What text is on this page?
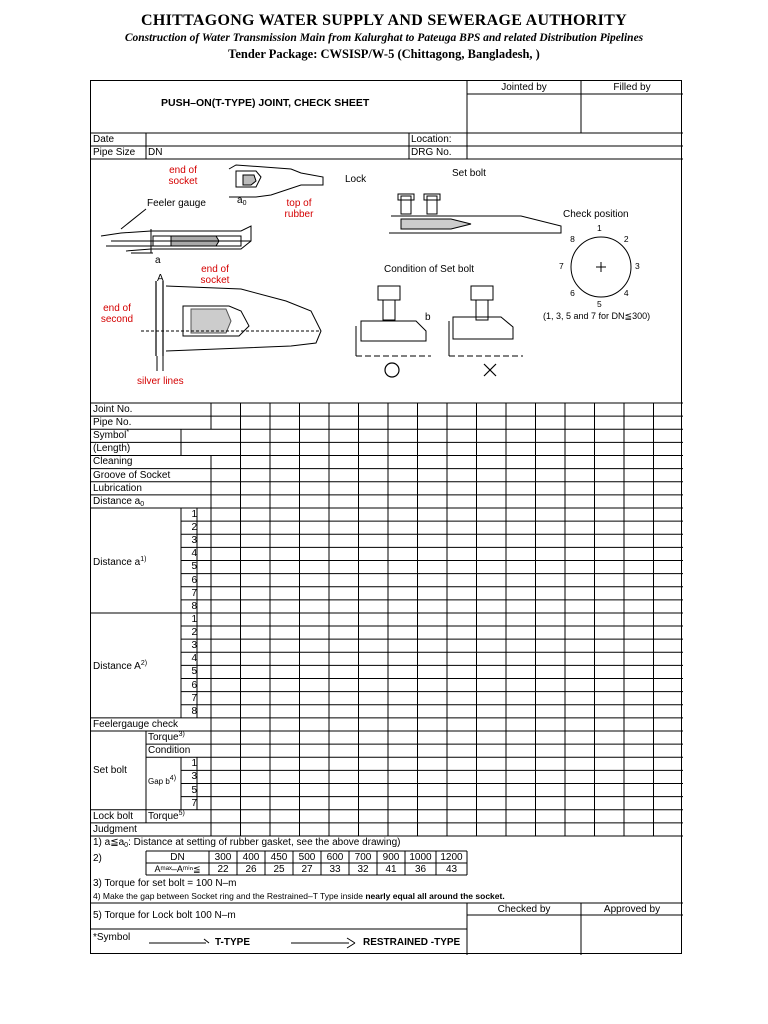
CHITTAGONG WATER SUPPLY AND SEWERAGE AUTHORITY
Construction of Water Transmission Main from Kalurghat to Pateuga BPS and related Distribution Pipelines
Tender Package: CWSISP/W-5 (Chittagong, Bangladesh, )
PUSH–ON(T-TYPE) JOINT, CHECK SHEET
Jointed by	Filled by
Date	Location:
Pipe Size DN	DRG No.
end of socket
Feeler gauge	$a_0$	top of rubber
a
A
end of socket
end of second
silver lines
Lock
Set bolt
Check position
Condition of Set bolt
b	(1, 3, 5 and 7 for DN≦300)
1
2
3
4
5
6
7
8
Joint No.
Pipe No.
Symbol*
(Length)
Cleaning
Groove of Socket
Lubrication
Distance $a_0$
Distance $a^{1)}$
1
2
3
4
5
6
7
8
Distance $A^{2)}$
1
2
3
4
5
6
7
8
Feelergauge check
Set bolt
Torque$^{3)}$
Condition
Gap $b^{4)}$
1
3
5
7
Lock bolt Torque$^{5)}$
Judgment
1) $a≦a_0$: Distance at setting of rubber gasket, see the above drawing)
2)	DN
Aᵐᵃˣ–Aᵐⁱⁿ≦
300	400	450	500	600	700	900	1000 1200
22	26	25	27	33	32	41	36	43
3) Torque for set bolt = 100 N–m
4) Make the gap between Socket ring and the Restrained–T Type inside nearly equal all around the socket.
5) Torque for Lock bolt 100 N–m
Checked by	Approved by
*Symbol	T-TYPE	RESTRAINED -TYPE
